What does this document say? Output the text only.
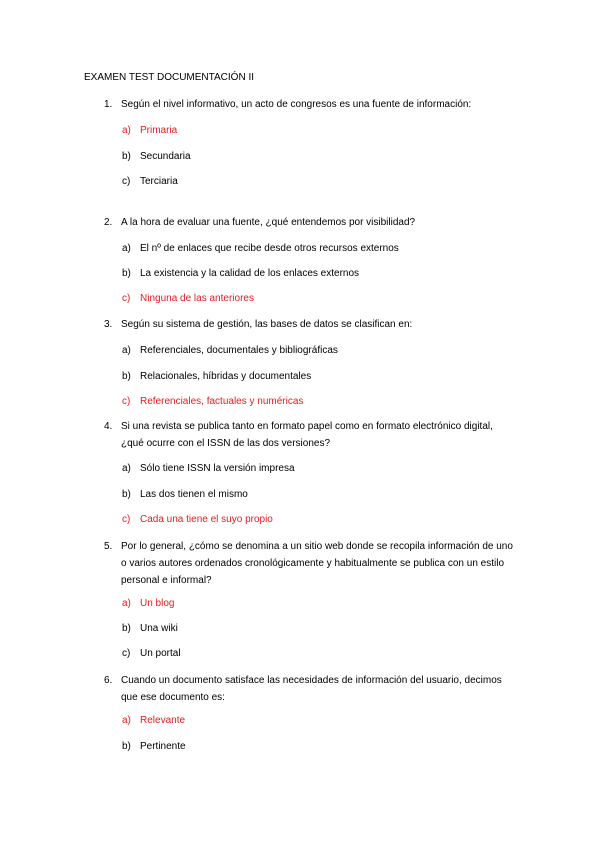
EXAMEN TEST DOCUMENTACIÓN II
1. Según el nivel informativo, un acto de congresos es una fuente de información:
a) Primaria
b) Secundaria
c) Terciaria
2. A la hora de evaluar una fuente, ¿qué entendemos por visibilidad?
a) El nº de enlaces que recibe desde otros recursos externos
b) La existencia y la calidad de los enlaces externos
c) Ninguna de las anteriores
3. Según su sistema de gestión, las bases de datos se clasifican en:
a) Referenciales, documentales y bibliográficas
b) Relacionales, híbridas y documentales
c) Referenciales, factuales y numéricas
4. Si una revista se publica tanto en formato papel como en formato electrónico digital, ¿qué ocurre con el ISSN de las dos versiones?
a) Sólo tiene ISSN la versión impresa
b) Las dos tienen el mismo
c) Cada una tiene el suyo propio
5. Por lo general, ¿cómo se denomina a un sitio web donde se recopila información de uno o varios autores ordenados cronológicamente y habitualmente se publica con un estilo personal e informal?
a) Un blog
b) Una wiki
c) Un portal
6. Cuando un documento satisface las necesidades de información del usuario, decimos que ese documento es:
a) Relevante
b) Pertinente
